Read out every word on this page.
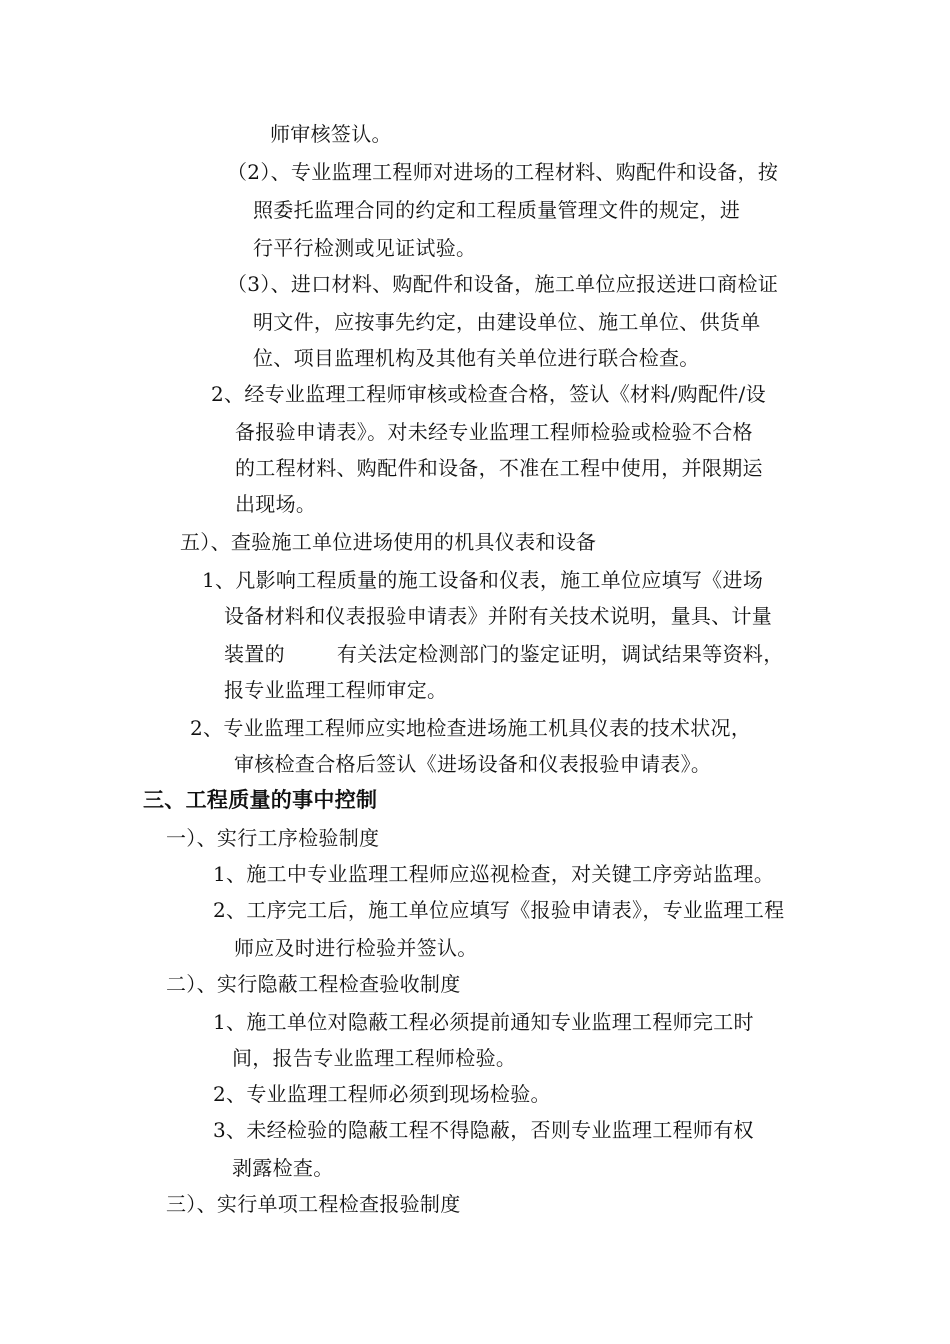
师审核签认。
（2）、专业监理工程师对进场的工程材料、购配件和设备，按
照委托监理合同的约定和工程质量管理文件的规定，进
行平行检测或见证试验。
（3）、进口材料、购配件和设备，施工单位应报送进口商检证
明文件，应按事先约定，由建设单位、施工单位、供货单
位、项目监理机构及其他有关单位进行联合检查。
2、经专业监理工程师审核或检查合格，签认《材料/购配件/设
备报验申请表》。对未经专业监理工程师检验或检验不合格
的工程材料、购配件和设备，不准在工程中使用，并限期运
出现场。
五）、查验施工单位进场使用的机具仪表和设备
1、凡影响工程质量的施工设备和仪表，施工单位应填写《进场
设备材料和仪表报验申请表》并附有关技术说明，量具、计量
装置的	有关法定检测部门的鉴定证明，调试结果等资料，
报专业监理工程师审定。
2、专业监理工程师应实地检查进场施工机具仪表的技术状况，
审核检查合格后签认《进场设备和仪表报验申请表》。
三、工程质量的事中控制
一）、实行工序检验制度
1、施工中专业监理工程师应巡视检查，对关键工序旁站监理。
2、工序完工后，施工单位应填写《报验申请表》，专业监理工程
师应及时进行检验并签认。
二）、实行隐蔽工程检查验收制度
1、施工单位对隐蔽工程必须提前通知专业监理工程师完工时
间，报告专业监理工程师检验。
2、专业监理工程师必须到现场检验。
3、未经检验的隐蔽工程不得隐蔽，否则专业监理工程师有权
剥露检查。
三）、实行单项工程检查报验制度
